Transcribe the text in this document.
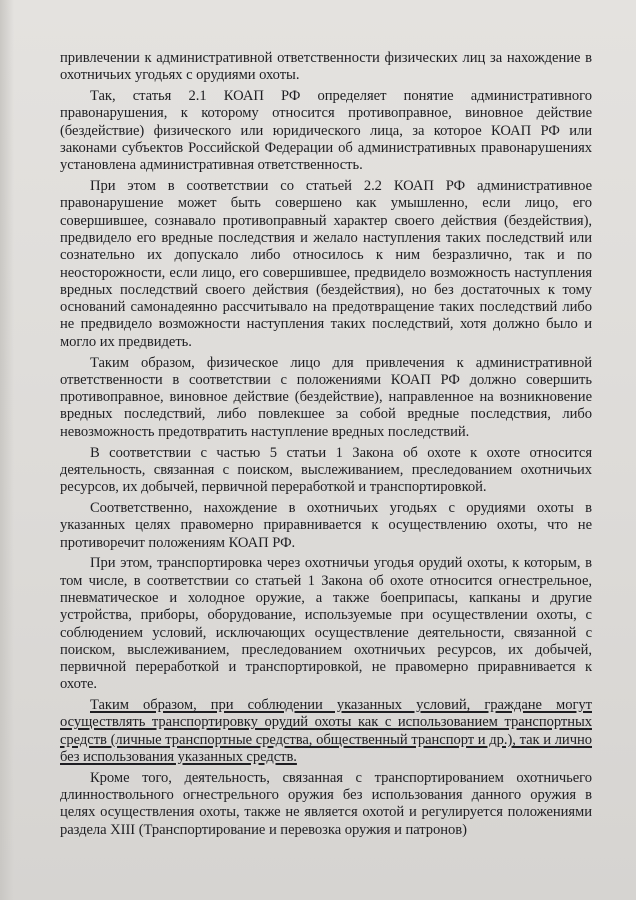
привлечении к административной ответственности физических лиц за нахождение в охотничьих угодьях с орудиями охоты.

Так, статья 2.1 КОАП РФ определяет понятие административного правонарушения, к которому относится противоправное, виновное действие (бездействие) физического или юридического лица, за которое КОАП РФ или законами субъектов Российской Федерации об административных правонарушениях установлена административная ответственность.

При этом в соответствии со статьей 2.2 КОАП РФ административное правонарушение может быть совершено как умышленно, если лицо, его совершившее, сознавало противоправный характер своего действия (бездействия), предвидело его вредные последствия и желало наступления таких последствий или сознательно их допускало либо относилось к ним безразлично, так и по неосторожности, если лицо, его совершившее, предвидело возможность наступления вредных последствий своего действия (бездействия), но без достаточных к тому оснований самонадеянно рассчитывало на предотвращение таких последствий либо не предвидело возможности наступления таких последствий, хотя должно было и могло их предвидеть.

Таким образом, физическое лицо для привлечения к административной ответственности в соответствии с положениями КОАП РФ должно совершить противоправное, виновное действие (бездействие), направленное на возникновение вредных последствий, либо повлекшее за собой вредные последствия, либо невозможность предотвратить наступление вредных последствий.

В соответствии с частью 5 статьи 1 Закона об охоте к охоте относится деятельность, связанная с поиском, выслеживанием, преследованием охотничьих ресурсов, их добычей, первичной переработкой и транспортировкой.

Соответственно, нахождение в охотничьих угодьях с орудиями охоты в указанных целях правомерно приравнивается к осуществлению охоты, что не противоречит положениям КОАП РФ.

При этом, транспортировка через охотничьи угодья орудий охоты, к которым, в том числе, в соответствии со статьей 1 Закона об охоте относится огнестрельное, пневматическое и холодное оружие, а также боеприпасы, капканы и другие устройства, приборы, оборудование, используемые при осуществлении охоты, с соблюдением условий, исключающих осуществление деятельности, связанной с поиском, выслеживанием, преследованием охотничьих ресурсов, их добычей, первичной переработкой и транспортировкой, не правомерно приравнивается к охоте.

Таким образом, при соблюдении указанных условий, граждане могут осуществлять транспортировку орудий охоты как с использованием транспортных средств (личные транспортные средства, общественный транспорт и др.), так и лично без использования указанных средств.

Кроме того, деятельность, связанная с транспортированием охотничьего длинноствольного огнестрельного оружия без использования данного оружия в целях осуществления охоты, также не является охотой и регулируется положениями раздела XIII (Транспортирование и перевозка оружия и патронов)
